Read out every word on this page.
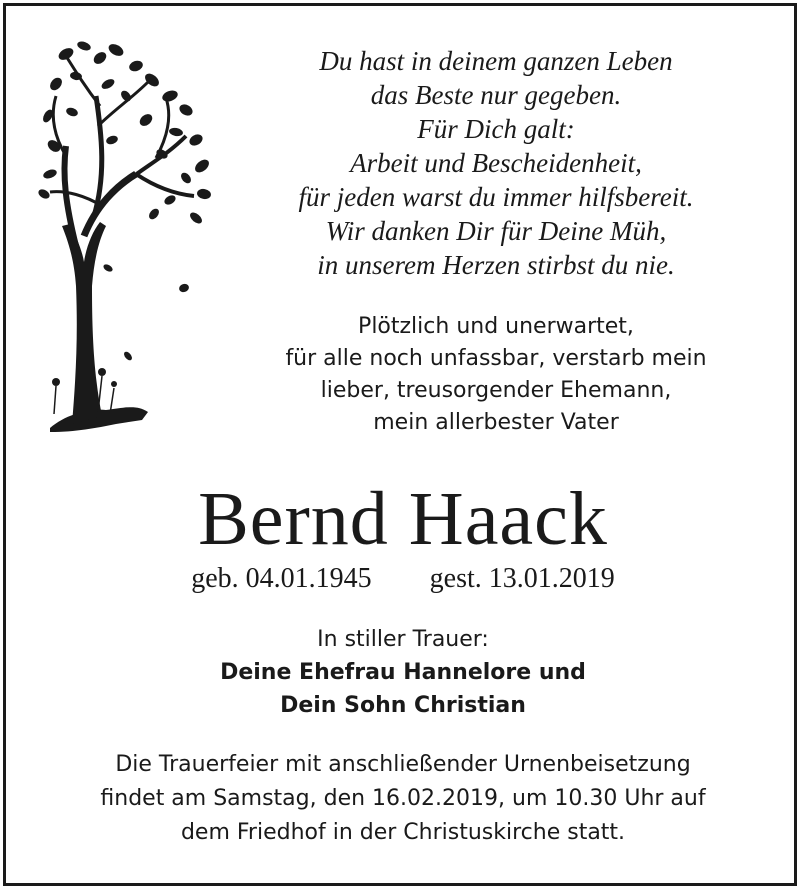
Du hast in deinem ganzen Leben
das Beste nur gegeben.
Für Dich galt:
Arbeit und Bescheidenheit,
für jeden warst du immer hilfsbereit.
Wir danken Dir für Deine Müh,
in unserem Herzen stirbst du nie.
Plötzlich und unerwartet,
für alle noch unfassbar, verstarb mein
lieber, treusorgender Ehemann,
mein allerbester Vater
Bernd Haack
geb. 04.01.1945 gest. 13.01.2019
In stiller Trauer:
Deine Ehefrau Hannelore und
Dein Sohn Christian
Die Trauerfeier mit anschließender Urnenbeisetzung
findet am Samstag, den 16.02.2019, um 10.30 Uhr auf
dem Friedhof in der Christuskirche statt.
